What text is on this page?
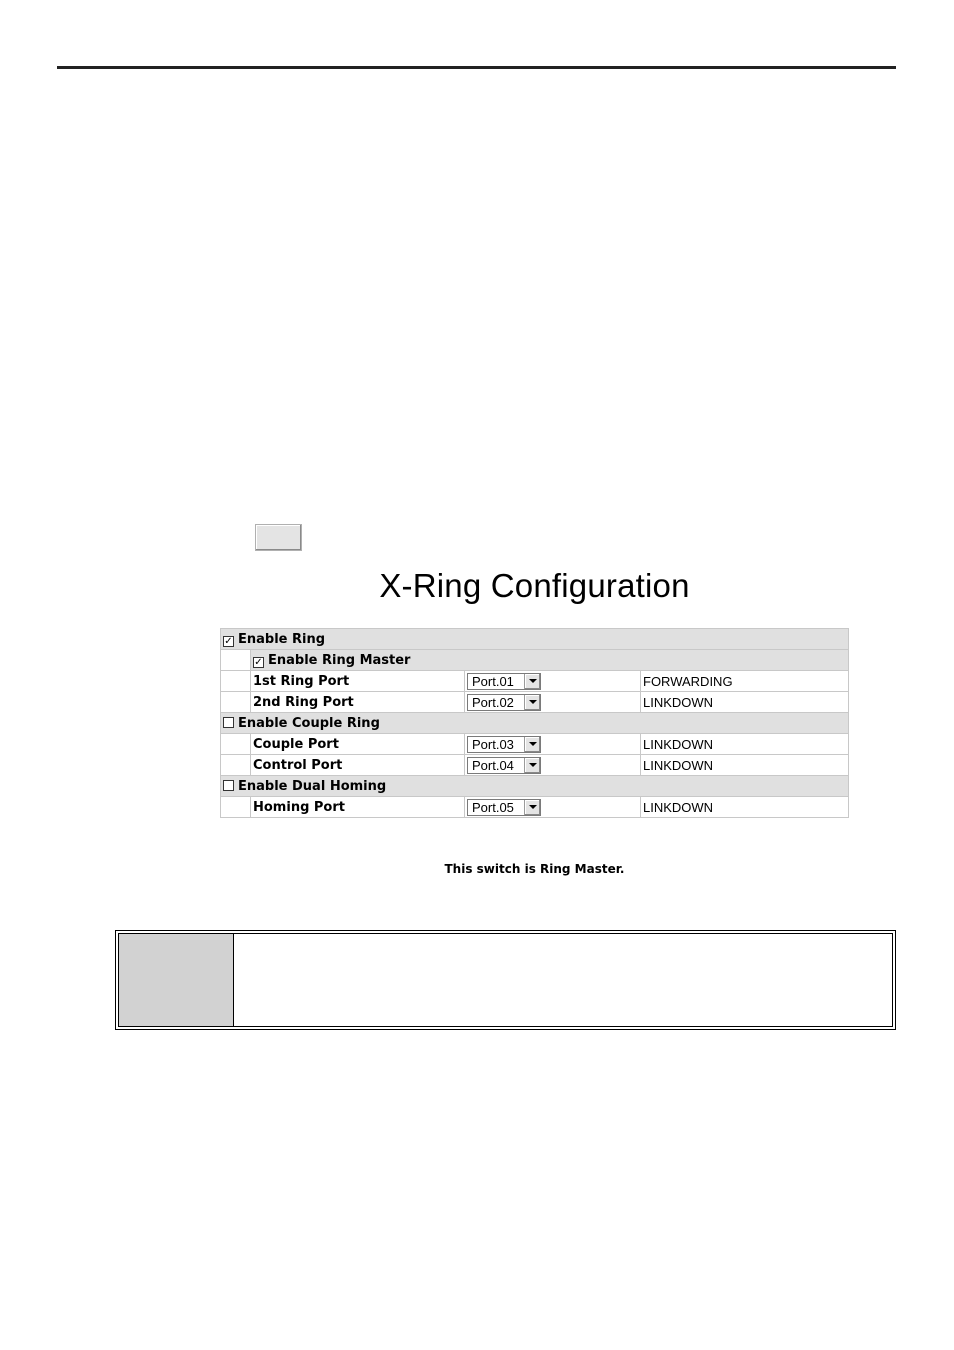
X-Ring Configuration
✓ Enable Ring			
	✓ Enable Ring Master		
	1st Ring Port	Port.01	FORWARDING
	2nd Ring Port	Port.02	LINKDOWN
Enable Couple Ring			
	Couple Port	Port.03	LINKDOWN
	Control Port	Port.04	LINKDOWN
Enable Dual Homing			
	Homing Port	Port.05	LINKDOWN
This switch is Ring Master.
